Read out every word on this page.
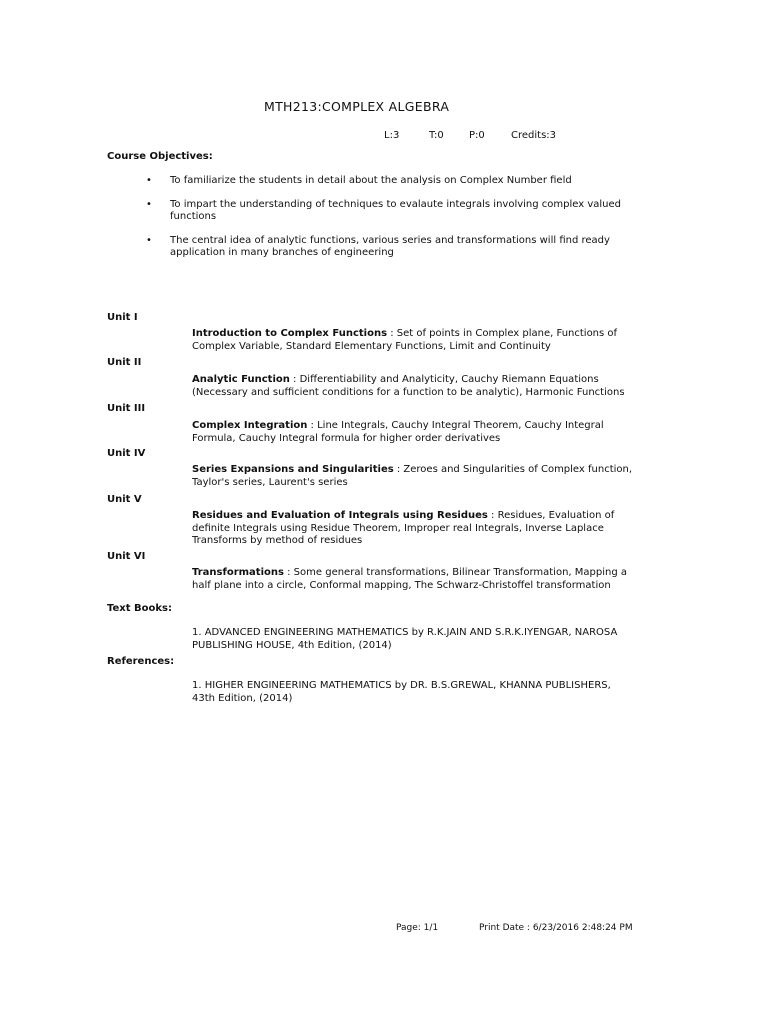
MTH213:COMPLEX ALGEBRA
L:3	T:0	P:0	Credits:3
Course Objectives:
• To familiarize the students in detail about the analysis on Complex Number field
• To impart the understanding of techniques to evalaute integrals involving complex valued functions
• The central idea of analytic functions, various series and transformations will find ready application in many branches of engineering
Unit I
Introduction to Complex Functions : Set of points in Complex plane, Functions of Complex Variable, Standard Elementary Functions, Limit and Continuity
Unit II
Analytic Function : Differentiability and Analyticity, Cauchy Riemann Equations (Necessary and sufficient conditions for a function to be analytic), Harmonic Functions
Unit III
Complex Integration : Line Integrals, Cauchy Integral Theorem, Cauchy Integral Formula, Cauchy Integral formula for higher order derivatives
Unit IV
Series Expansions and Singularities : Zeroes and Singularities of Complex function, Taylor's series, Laurent's series
Unit V
Residues and Evaluation of Integrals using Residues : Residues, Evaluation of definite Integrals using Residue Theorem, Improper real Integrals, Inverse Laplace Transforms by method of residues
Unit VI
Transformations : Some general transformations, Bilinear Transformation, Mapping a half plane into a circle, Conformal mapping, The Schwarz-Christoffel transformation
Text Books:
1. ADVANCED ENGINEERING MATHEMATICS by R.K.JAIN AND S.R.K.IYENGAR, NAROSA PUBLISHING HOUSE, 4th Edition, (2014)
References:
1. HIGHER ENGINEERING MATHEMATICS by DR. B.S.GREWAL, KHANNA PUBLISHERS, 43th Edition, (2014)
Page: 1/1	Print Date : 6/23/2016 2:48:24 PM
